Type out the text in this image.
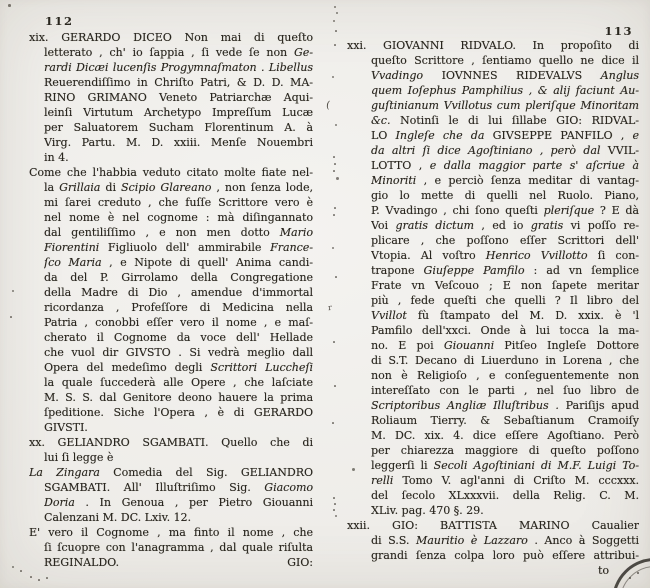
112
xix. GERARDO DICEO Non mai di queſto
letterato , ch' io ſappia , ſi vede ſe non Ge-
rardi Dicæi lucenſis Progymnaſmaton . Libellus
Reuerendiſſimo in Chriſto Patri, & D. D. MA-
RINO GRIMANO Veneto Patriarchæ Aqui-
leinſi Virtutum Archetypo Impreſſum Lucæ
per Saluatorem Sucham Florentinum A. à
Virg. Partu. M. D. xxiii. Menſe Nouembri
in 4.
Come che l'habbia veduto citato molte fiate nel-
la Grillaia di Scipio Glareano , non ſenza lode,
mi ſarei creduto , che fuſſe Scrittore vero è
nel nome è nel cognome : mà diſingannato
dal gentiliſſimo , e non men dotto Mario
Fiorentini Figliuolo dell' ammirabile France-
ſco Maria , e Nipote di quell' Anima candi-
da del P. Girrolamo della Congregatione
della Madre di Dio , amendue d'immortal
ricordanza , Profeſſore di Medicina nella
Patria , conobbi eſſer vero il nome , e maſ-
cherato il Cognome da voce dell' Hellade
che vuol dir GIVSTO . Si vedrà meglio dall
Opera del medeſimo degli Scrittori Luccheſi
la quale ſuccederà alle Opere , che laſciate
M. S. S. dal Genitore deono hauere la prima
ſpeditione. Siche l'Opera , è di GERARDO
GIVSTI.
xx. GELIANDRO SGAMBATI. Quello che di
lui ſi legge è
La Zingara Comedia del Sig. GELIANDRO
SGAMBATI. All' Illuſtriſimo Sig. Giacomo
Doria . In Genoua , per Pietro Giouanni
Calenzani M. DC. Lxiv. 12.
E' vero il Cognome , ma finto il nome , che
ſi ſcuopre con l'anagramma , dal quale riſulta
REGINALDO.	GIO:
113
xxi. GIOVANNI RIDVALO. In propoſito di
queſto Scrittore , ſentiamo quello ne dice il
Vvadingo IOVNNES RIDEVALVS Anglus
quem Ioſephus Pamphilius , & alij faciunt Au-
guſtinianum Vvillotus cum pleriſque Minoritam
&c. Notinſi le di lui ſillabe GIO: RIDVAL-
LO Ingleſe che da GIVSEPPE PANFILO , e
da altri ſi dice Agoſtiniano , però dal VVIL-
LOTTO , e dalla maggior parte s' aſcriue à
Minoriti , e perciò ſenza meditar di vantag-
gio lo mette di quelli nel Ruolo. Piano,
P. Vvadingo , chi ſono queſti pleriſque ? E dà
Voi gratis dictum , ed io gratis vi poſſo re-
plicare , che poſſono eſſer Scrittori dell'
Vtopia. Al voſtro Henrico Vvillotto ſi con-
trapone Giuſeppe Pamfilo : ad vn ſemplice
Frate vn Veſcouo ; E non ſapete meritar
più , fede queſti che quelli ? Il libro del
Vvillot fù ſtampato del M. D. xxix. è 'l
Pamfilo dell'xxci. Onde à lui tocca la ma-
no. E poi Giouanni Pitſeo Ingleſe Dottore
di S.T. Decano di Liuerduno in Lorena , che
non è Religioſo , e conſeguentemente non
intereſſato con le parti , nel ſuo libro de
Scriptoribus Angliæ Illuſtribus . Pariſijs apud
Roliaum Tierry. & Sebaſtianum Cramoiſy
M. DC. xix. 4. dice eſſere Agoſtiano. Però
per chiarezza maggiore di queſto poſſono
leggerſi li Secoli Agoſtiniani di M.F. Luigi To-
relli Tomo V. agl'anni di Criſto M. cccxxx.
del ſecolo XLxxxvii. della Relig. C. M.
XLiv. pag. 470 §. 29.
xxii. GIO: BATTISTA MARINO Caualier
di S.S. Mauritio è Lazzaro . Anco à Soggetti
grandi ſenza colpa loro può eſſere attribui-
to
(
r
